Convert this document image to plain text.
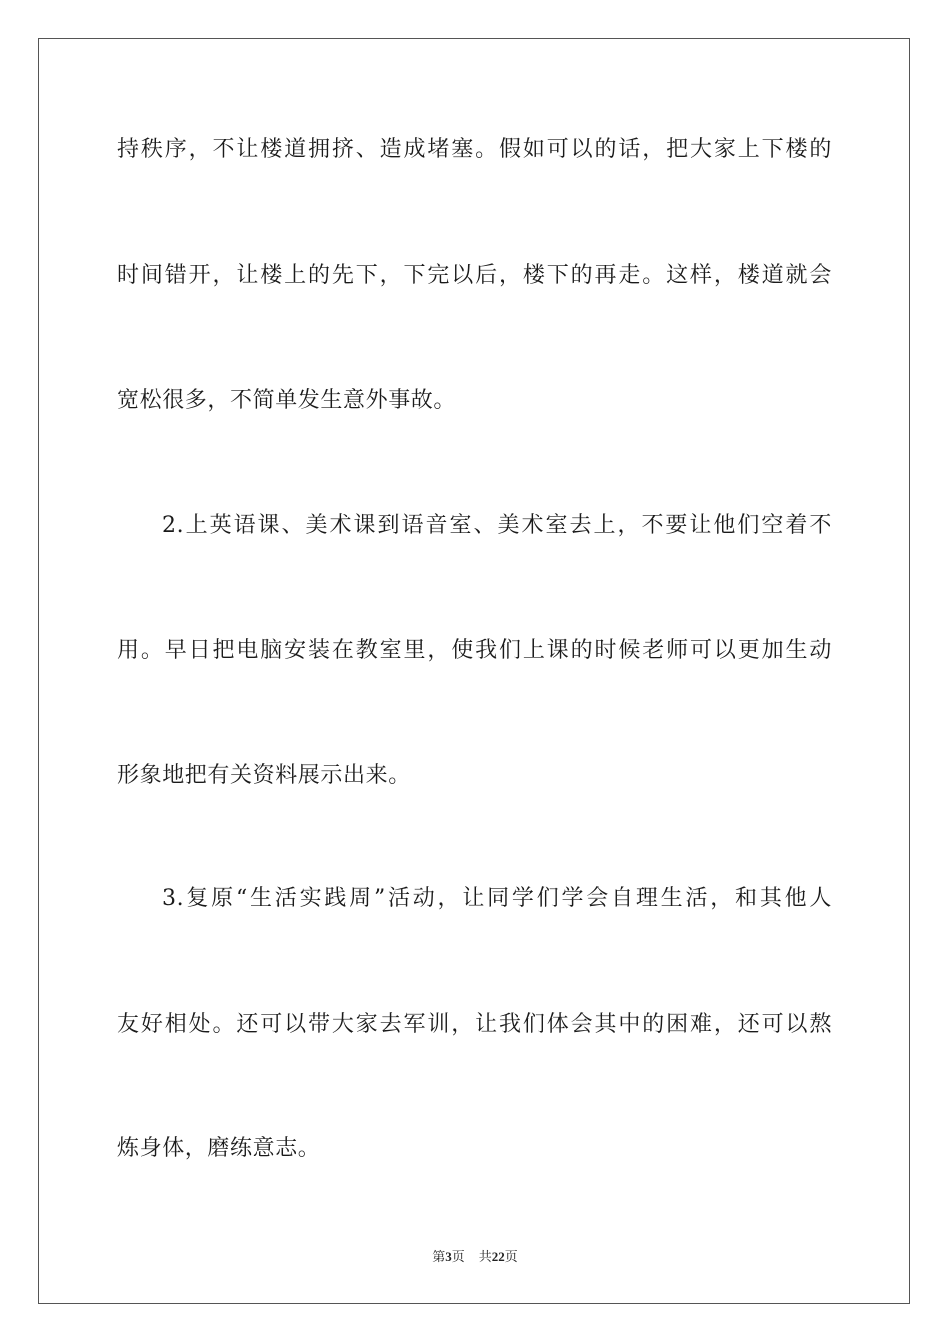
持秩序，不让楼道拥挤、造成堵塞。假如可以的话，把大家上下楼的
时间错开，让楼上的先下，下完以后，楼下的再走。这样，楼道就会
宽松很多，不简单发生意外事故。
2.上英语课、美术课到语音室、美术室去上，不要让他们空着不
用。早日把电脑安装在教室里，使我们上课的时候老师可以更加生动
形象地把有关资料展示出来。
3.复原“生活实践周”活动，让同学们学会自理生活，和其他人
友好相处。还可以带大家去军训，让我们体会其中的困难，还可以熬
炼身体，磨练意志。
第3页 共22页
